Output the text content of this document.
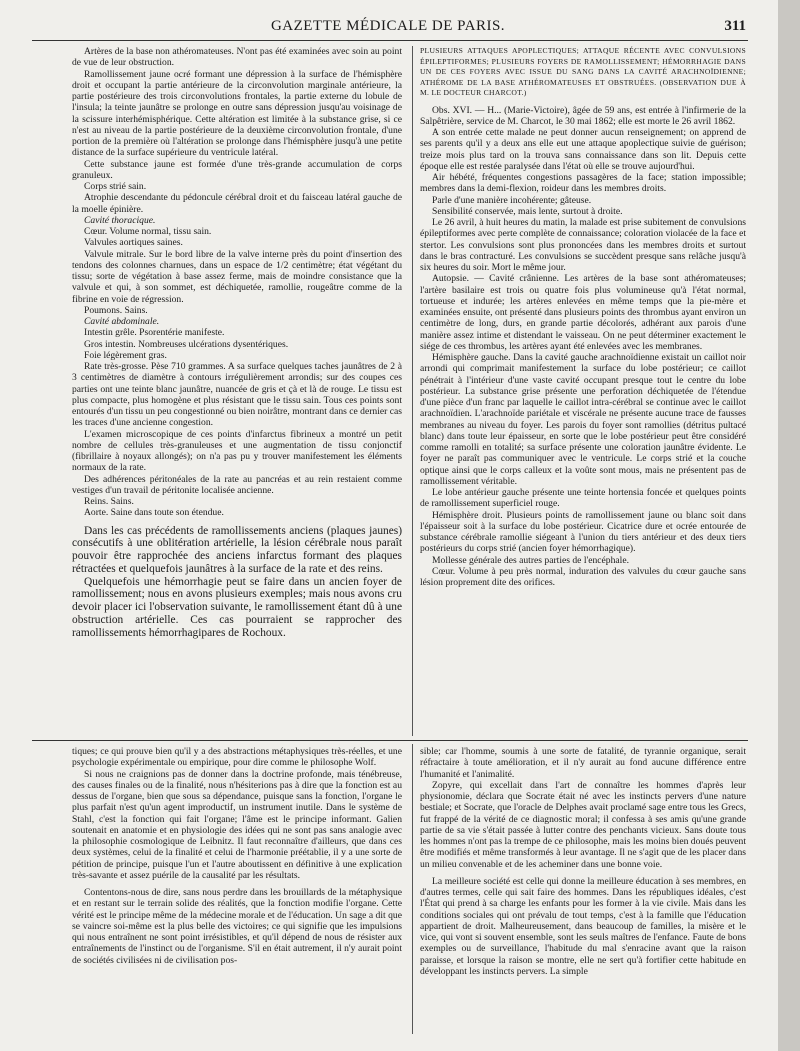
GAZETTE MÉDICALE DE PARIS.	311

Artères de la base non athéromateuses. N'ont pas été examinées avec soin au point de vue de leur obstruction.

Ramollissement jaune ocré formant une dépression à la surface de l'hémisphère droit et occupant la partie antérieure de la circonvolution marginale antérieure, la partie postérieure des trois circonvolutions frontales, la partie externe du lobule de l'insula; la teinte jaunâtre se prolonge en outre sans dépression jusqu'au voisinage de la scissure interhémisphérique. Cette altération est limitée à la substance grise, si ce n'est au niveau de la partie postérieure de la deuxième circonvolution frontale, d'une portion de la première où l'altération se prolonge dans l'hémisphère jusqu'à une petite distance de la surface supérieure du ventricule latéral.

Cette substance jaune est formée d'une très-grande accumulation de corps granuleux.

Corps strié sain.

Atrophie descendante du pédoncule cérébral droit et du faisceau latéral gauche de la moelle épinière.

Cavité thoracique.

Cœur. Volume normal, tissu sain.

Valvules aortiques saines.

Valvule mitrale. Sur le bord libre de la valve interne près du point d'insertion des tendons des colonnes charnues, dans un espace de 1/2 centimètre; état végétant du tissu; sorte de végétation à base assez ferme, mais de moindre consistance que la valvule et qui, à son sommet, est déchiquetée, ramollie, rougeâtre comme de la fibrine en voie de régression.

Poumons. Sains.

Cavité abdominale.

Intestin grêle. Psorentérie manifeste.

Gros intestin. Nombreuses ulcérations dysentériques.

Foie légèrement gras.

Rate très-grosse. Pèse 710 grammes. A sa surface quelques taches jaunâtres de 2 à 3 centimètres de diamètre à contours irrégulièrement arrondis; sur des coupes ces parties ont une teinte blanc jaunâtre, nuancée de gris et çà et là de rouge. Le tissu est plus compacte, plus homogène et plus résistant que le tissu sain. Tous ces points sont entourés d'un tissu un peu congestionné ou bien noirâtre, montrant dans ce dernier cas les traces d'une ancienne congestion.

L'examen microscopique de ces points d'infarctus fibrineux a montré un petit nombre de cellules très-granuleuses et une augmentation de tissu conjonctif (fibrillaire à noyaux allongés); on n'a pas pu y trouver manifestement les éléments normaux de la rate.

Des adhérences péritonéales de la rate au pancréas et au rein restaient comme vestiges d'un travail de péritonite localisée ancienne.

Reins. Sains.

Aorte. Saine dans toute son étendue.

Dans les cas précédents de ramollissements anciens (plaques jaunes) consécutifs à une oblitération artérielle, la lésion cérébrale nous paraît pouvoir être rapprochée des anciens infarctus formant des plaques rétractées et quelquefois jaunâtres à la surface de la rate et des reins.

Quelquefois une hémorrhagie peut se faire dans un ancien foyer de ramollissement; nous en avons plusieurs exemples; mais nous avons cru devoir placer ici l'observation suivante, le ramollissement étant dû à une obstruction artérielle. Ces cas pourraient se rapprocher des ramollissements hémorrhagipares de Rochoux.

PLUSIEURS ATTAQUES APOPLECTIQUES; ATTAQUE RÉCENTE AVEC CONVULSIONS ÉPILEPTIFORMES; PLUSIEURS FOYERS DE RAMOLLISSEMENT; HÉMORRHAGIE DANS UN DE CES FOYERS AVEC ISSUE DU SANG DANS LA CAVITÉ ARACHNOÏDIENNE; ATHÉROME DE LA BASE ATHÉROMATEUSES ET OBSTRUÉES. (OBSERVATION DUE À M. LE DOCTEUR CHARCOT.)

Obs. XVI. — H... (Marie-Victoire), âgée de 59 ans, est entrée à l'infirmerie de la Salpêtrière, service de M. Charcot, le 30 mai 1862; elle est morte le 26 avril 1862.

A son entrée cette malade ne peut donner aucun renseignement; on apprend de ses parents qu'il y a deux ans elle eut une attaque apoplectique suivie de guérison; treize mois plus tard on la trouva sans connaissance dans son lit. Depuis cette époque elle est restée paralysée dans l'état où elle se trouve aujourd'hui.

Air hébété, fréquentes congestions passagères de la face; station impossible; membres dans la demi-flexion, roideur dans les membres droits.

Parle d'une manière incohérente; gâteuse.

Sensibilité conservée, mais lente, surtout à droite.

Le 26 avril, à huit heures du matin, la malade est prise subitement de convulsions épileptiformes avec perte complète de connaissance; coloration violacée de la face et stertor. Les convulsions sont plus prononcées dans les membres droits et surtout dans le bras contracturé. Les convulsions se succèdent presque sans relâche jusqu'à six heures du soir. Mort le même jour.

Autopsie. — Cavité crânienne. Les artères de la base sont athéromateuses; l'artère basilaire est trois ou quatre fois plus volumineuse qu'à l'état normal, tortueuse et indurée; les artères enlevées en même temps que la pie-mère et examinées ensuite, ont présenté dans plusieurs points des thrombus ayant environ un centimètre de long, durs, en grande partie décolorés, adhérant aux parois d'une manière assez intime et distendant le vaisseau. On ne peut déterminer exactement le siége de ces thrombus, les artères ayant été enlevées avec les membranes.

Hémisphère gauche. Dans la cavité gauche arachnoïdienne existait un caillot noir arrondi qui comprimait manifestement la surface du lobe postérieur; ce caillot pénétrait à l'intérieur d'une vaste cavité occupant presque tout le centre du lobe postérieur. La substance grise présente une perforation déchiquetée de l'étendue d'une pièce d'un franc par laquelle le caillot intra-cérébral se continue avec le caillot arachnoïdien. L'arachnoïde pariétale et viscérale ne présente aucune trace de fausses membranes au niveau du foyer. Les parois du foyer sont ramollies (détritus pultacé blanc) dans toute leur épaisseur, en sorte que le lobe postérieur peut être considéré comme ramolli en totalité; sa surface présente une coloration jaunâtre évidente. Le foyer ne paraît pas communiquer avec le ventricule. Le corps strié et la couche optique ainsi que le corps calleux et la voûte sont mous, mais ne présentent pas de ramollissement véritable.

Le lobe antérieur gauche présente une teinte hortensia foncée et quelques points de ramollissement superficiel rouge.

Hémisphère droit. Plusieurs points de ramollissement jaune ou blanc soit dans l'épaisseur soit à la surface du lobe postérieur. Cicatrice dure et ocrée entourée de substance cérébrale ramollie siégeant à l'union du tiers antérieur et des deux tiers postérieurs du corps strié (ancien foyer hémorrhagique).

Mollesse générale des autres parties de l'encéphale.

Cœur. Volume à peu près normal, induration des valvules du cœur gauche sans lésion proprement dite des orifices.

tiques; ce qui prouve bien qu'il y a des abstractions métaphysiques très-réelles, et une psychologie expérimentale ou empirique, pour dire comme le philosophe Wolf.

Si nous ne craignions pas de donner dans la doctrine profonde, mais ténébreuse, des causes finales ou de la finalité, nous n'hésiterions pas à dire que la fonction est au dessus de l'organe, bien que sous sa dépendance, puisque sans la fonction, l'organe le plus parfait n'est qu'un agent improductif, un instrument inutile. Dans le système de Stahl, c'est la fonction qui fait l'organe; l'âme est le principe informant. Galien soutenait en anatomie et en physiologie des idées qui ne sont pas sans analogie avec la philosophie cosmologique de Leibnitz. Il faut reconnaître d'ailleurs, que dans ces deux systèmes, celui de la finalité et celui de l'harmonie préétablie, il y a une sorte de pétition de principe, puisque l'un et l'autre aboutissent en définitive à une explication très-savante et assez puérile de la causalité par les résultats.

Contentons-nous de dire, sans nous perdre dans les brouillards de la métaphysique et en restant sur le terrain solide des réalités, que la fonction modifie l'organe. Cette vérité est le principe même de la médecine morale et de l'éducation. Un sage a dit que se vaincre soi-même est la plus belle des victoires; ce qui signifie que les impulsions qui nous entraînent ne sont point irrésistibles, et qu'il dépend de nous de résister aux entraînements de l'instinct ou de l'organisme. S'il en était autrement, il n'y aurait point de sociétés civilisées ni de civilisation pos-

sible; car l'homme, soumis à une sorte de fatalité, de tyrannie organique, serait réfractaire à toute amélioration, et il n'y aurait au fond aucune différence entre l'humanité et l'animalité.

Zopyre, qui excellait dans l'art de connaître les hommes d'après leur physionomie, déclara que Socrate était né avec les instincts pervers d'une nature bestiale; et Socrate, que l'oracle de Delphes avait proclamé sage entre tous les Grecs, fut frappé de la vérité de ce diagnostic moral; il confessa à ses amis qu'une grande partie de sa vie s'était passée à lutter contre des penchants vicieux. Sans doute tous les hommes n'ont pas la trempe de ce philosophe, mais les moins bien doués peuvent être modifiés et même transformés à leur avantage. Il ne s'agit que de les placer dans un milieu convenable et de les acheminer dans une bonne voie.

La meilleure société est celle qui donne la meilleure éducation à ses membres, en d'autres termes, celle qui sait faire des hommes. Dans les républiques idéales, c'est l'État qui prend à sa charge les enfants pour les former à la vie civile. Mais dans les conditions sociales qui ont prévalu de tout temps, c'est à la famille que l'éducation appartient de droit. Malheureusement, dans beaucoup de familles, la misère et le vice, qui vont si souvent ensemble, sont les seuls maîtres de l'enfance. Faute de bons exemples ou de surveillance, l'habitude du mal s'enracine avant que la raison paraisse, et lorsque la raison se montre, elle ne sert qu'à fortifier cette habitude en développant les instincts pervers. La simple
